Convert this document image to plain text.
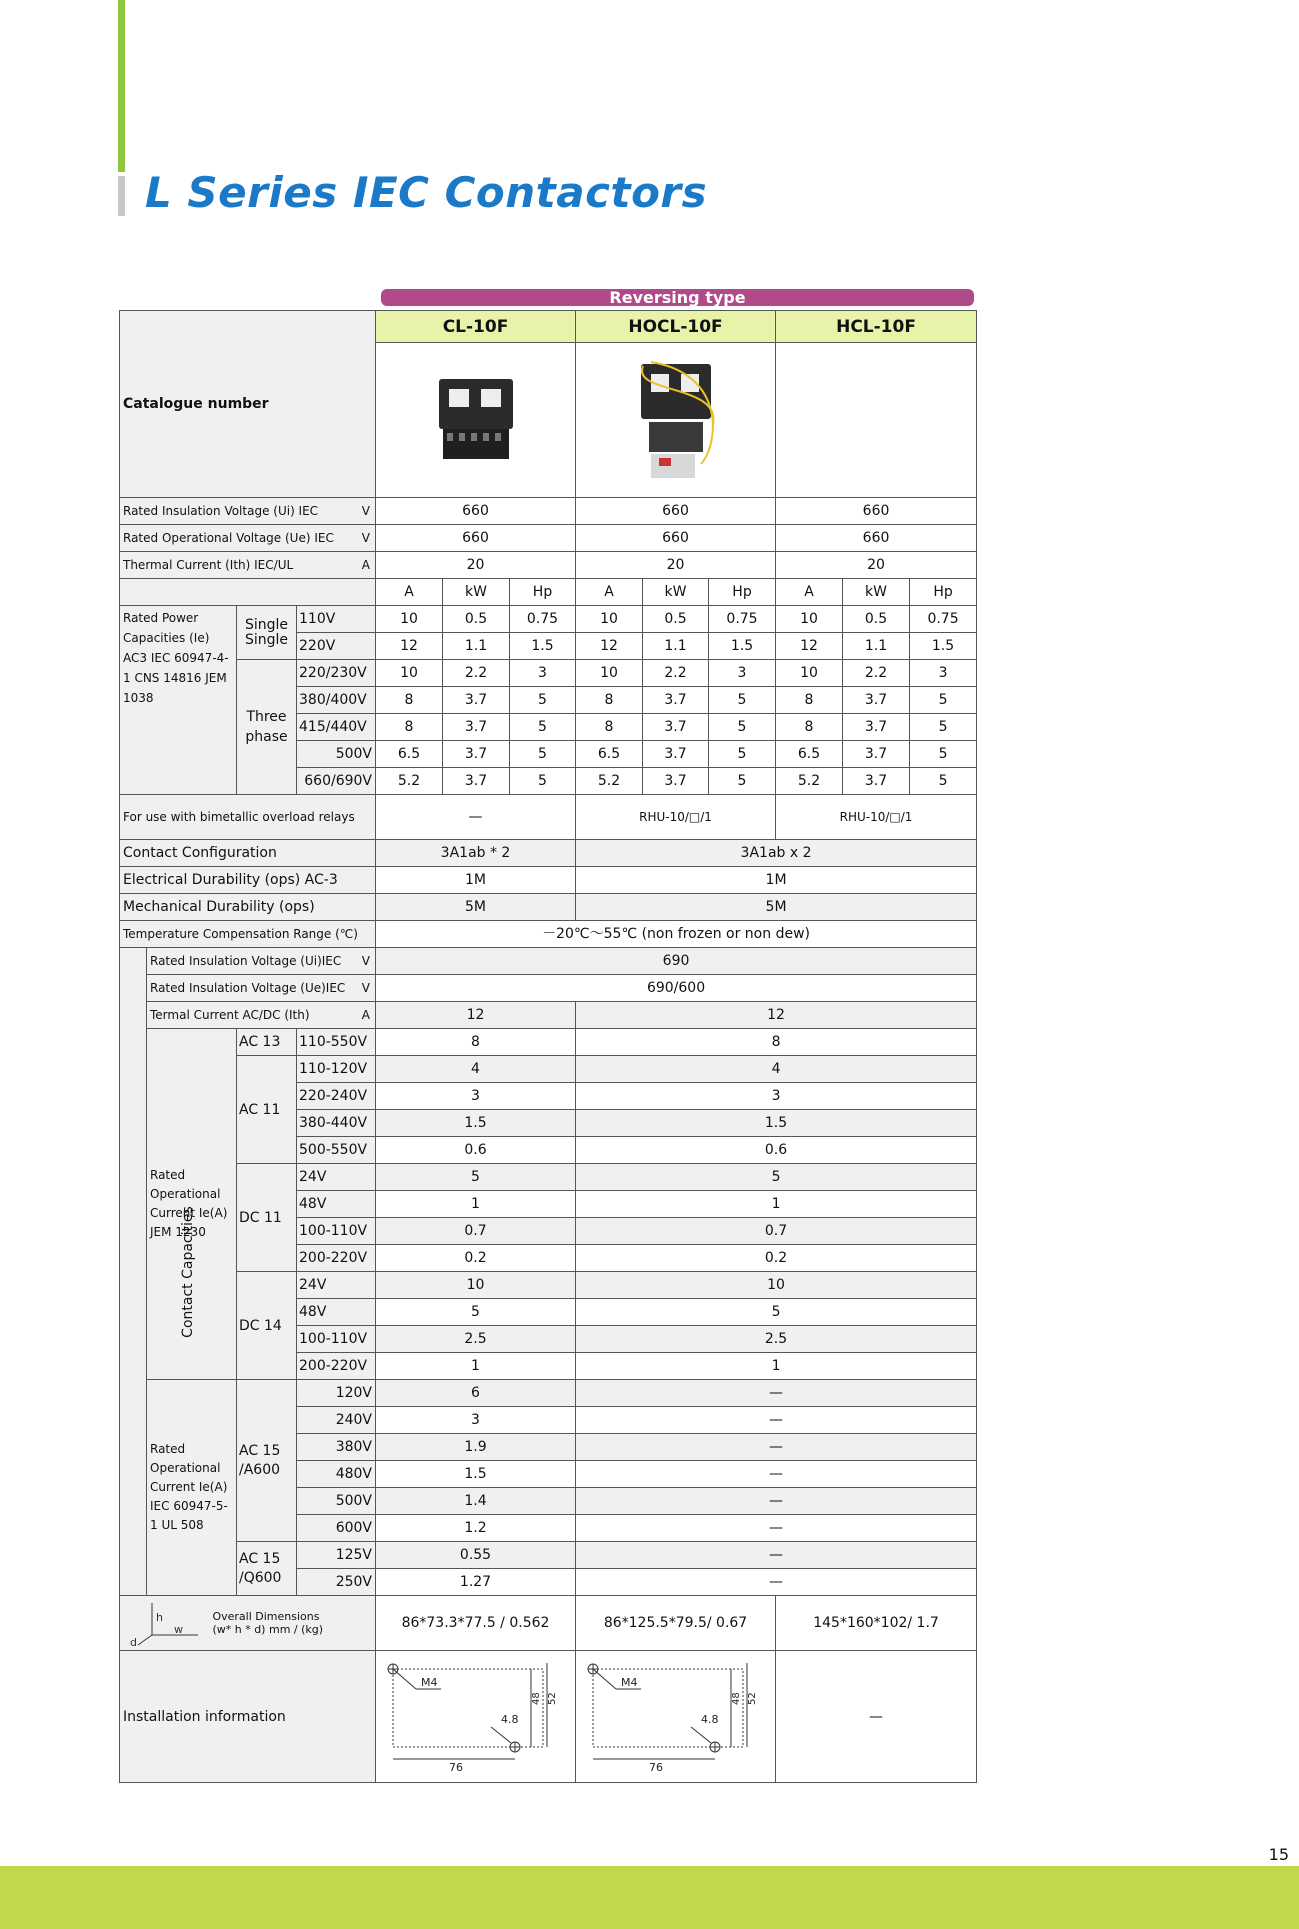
L Series IEC Contactors
Reversing type
Catalogue number				CL-10F			HOCL-10F			HCL-10F		

Rated Insulation Voltage (Ui) IEC V				660			660			660		
Rated Operational Voltage (Ue) IEC V				660			660			660		
Thermal Current (Ith) IEC/UL A				20			20			20		
				A	kW	Hp	A	kW	Hp	A	kW	Hp
Rated Power Capacities (Ie) AC3 IEC 60947-4-1 CNS 14816 JEM 1038		Single Single	110V	10	0.5	0.75	10	0.5	0.75	10	0.5	0.75
			220V	12	1.1	1.5	12	1.1	1.5	12	1.1	1.5
		Three phase	220/230V	10	2.2	3	10	2.2	3	10	2.2	3
			380/400V	8	3.7	5	8	3.7	5	8	3.7	5
			415/440V	8	3.7	5	8	3.7	5	8	3.7	5
			500V	6.5	3.7	5	6.5	3.7	5	6.5	3.7	5
			660/690V	5.2	3.7	5	5.2	3.7	5	5.2	3.7	5
For use with bimetallic overload relays				—			RHU-10/□/1			RHU-10/□/1		
Contact Configuration				3A1ab * 2			3A1ab x 2					
Electrical Durability (ops) AC-3				1M			1M					
Mechanical Durability (ops)				5M			5M					
Temperature Compensation Range (℃)				－20℃～55℃ (non frozen or non dew)								
Contact Capacities	Rated Insulation Voltage (Ui)IEC V			690								
	Rated Insulation Voltage (Ue)IEC V			690/600								
	Termal Current AC/DC (Ith) A			12			12					
	Rated Operational Current Ie(A) JEM 1230	AC 13	110-550V	8			8					
		AC 11	110-120V	4			4					
			220-240V	3			3					
			380-440V	1.5			1.5					
			500-550V	0.6			0.6					
		DC 11	24V	5			5					
			48V	1			1					
			100-110V	0.7			0.7					
			200-220V	0.2			0.2					
		DC 14	24V	10			10					
			48V	5			5					
			100-110V	2.5			2.5					
			200-220V	1			1					
	Rated Operational Current Ie(A) IEC 60947-5-1 UL 508	AC 15 /A600	120V	6			—					
			240V	3			—					
			380V	1.9			—					
			480V	1.5			—					
			500V	1.4			—					
			600V	1.2			—					
		AC 15 /Q600	125V	0.55			—					
			250V	1.27			—					

h
w
d
Overall Dimensions (w* h * d) mm / (kg)				86*73.3*77.5 / 0.562			86*125.5*79.5/ 0.67			145*160*102/ 1.7		
Installation information				M4
4.8
48 52
76			M4
4.8
48 52
76			—		
15
